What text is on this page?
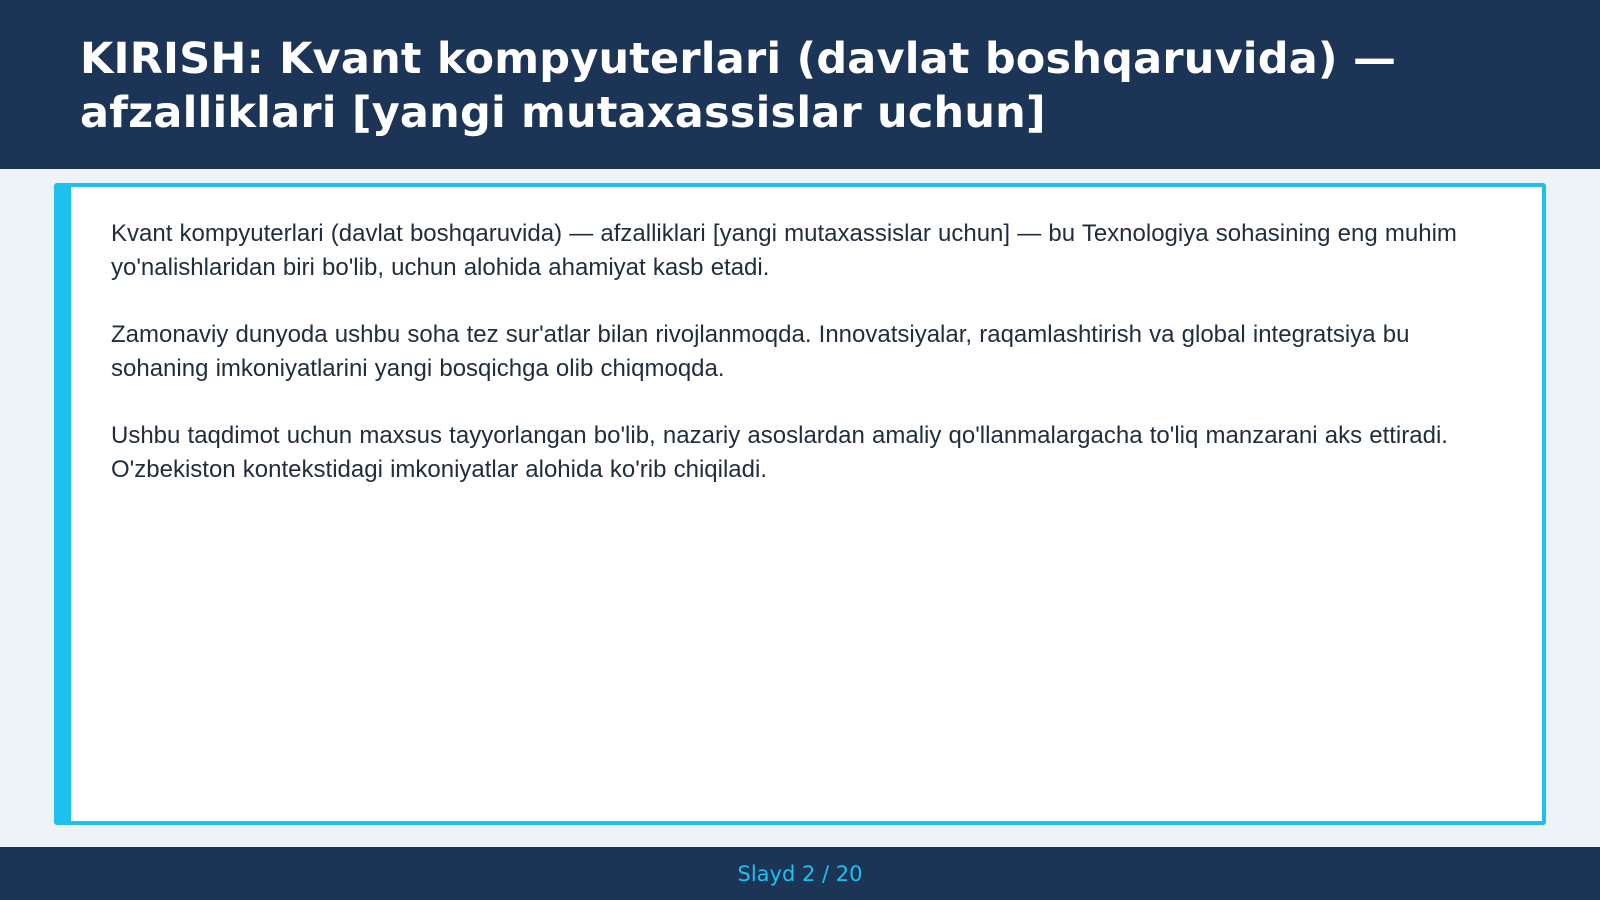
KIRISH: Kvant kompyuterlari (davlat boshqaruvida) — afzalliklari [yangi mutaxassislar uchun]

Kvant kompyuterlari (davlat boshqaruvida) — afzalliklari [yangi mutaxassislar uchun] — bu Texnologiya sohasining eng muhim yo'nalishlaridan biri bo'lib, uchun alohida ahamiyat kasb etadi.

Zamonaviy dunyoda ushbu soha tez sur'atlar bilan rivojlanmoqda. Innovatsiyalar, raqamlashtirish va global integratsiya bu sohaning imkoniyatlarini yangi bosqichga olib chiqmoqda.

Ushbu taqdimot uchun maxsus tayyorlangan bo'lib, nazariy asoslardan amaliy qo'llanmalargacha to'liq manzarani aks ettiradi. O'zbekiston kontekstidagi imkoniyatlar alohida ko'rib chiqiladi.

Slayd 2 / 20
